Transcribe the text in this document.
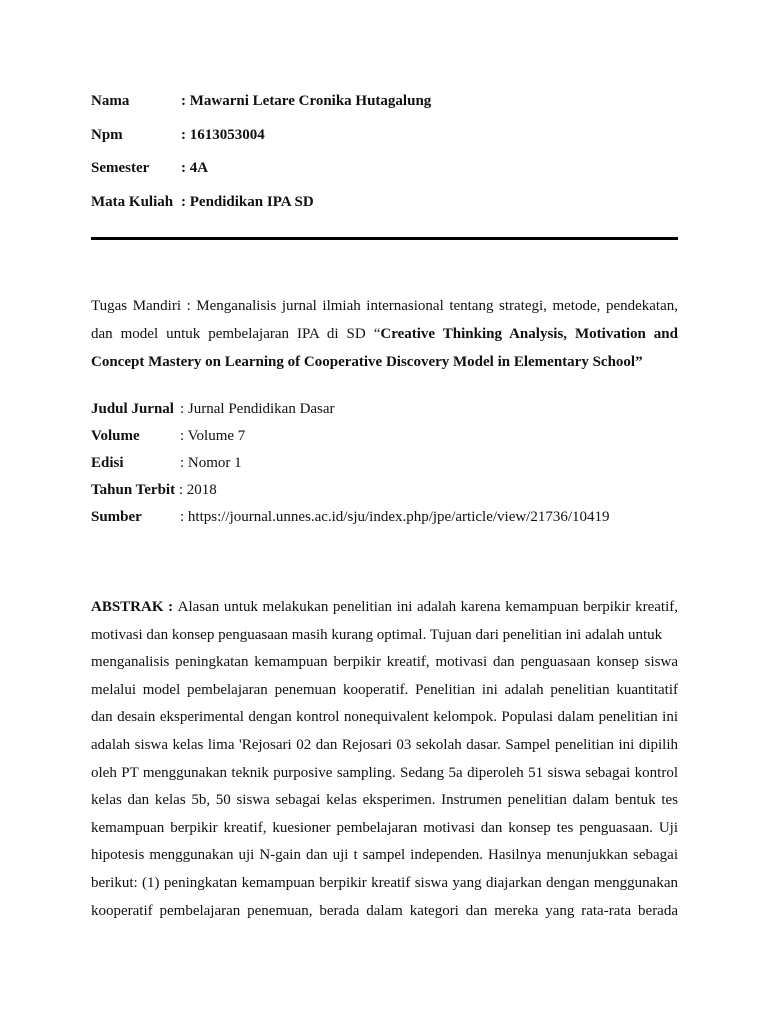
Nama	: Mawarni Letare Cronika Hutagalung
Npm	: 1613053004
Semester : 4A
Mata Kuliah : Pendidikan IPA SD
Tugas Mandiri : Menganalisis jurnal ilmiah internasional tentang strategi, metode, pendekatan, dan model untuk pembelajaran IPA di SD “Creative Thinking Analysis, Motivation and Concept Mastery on Learning of Cooperative Discovery Model in Elementary School”
Judul Jurnal : Jurnal Pendidikan Dasar
Volume	: Volume 7
Edisi	: Nomor 1
Tahun Terbit : 2018
Sumber	: https://journal.unnes.ac.id/sju/index.php/jpe/article/view/21736/10419
ABSTRAK : Alasan untuk melakukan penelitian ini adalah karena kemampuan berpikir kreatif,
motivasi dan konsep penguasaan masih kurang optimal. Tujuan dari penelitian ini adalah untuk
menganalisis peningkatan kemampuan berpikir kreatif, motivasi dan penguasaan konsep siswa
melalui model pembelajaran penemuan kooperatif. Penelitian ini adalah penelitian kuantitatif
dan desain eksperimental dengan kontrol nonequivalent kelompok. Populasi dalam penelitian ini
adalah siswa kelas lima 'Rejosari 02 dan Rejosari 03 sekolah dasar. Sampel penelitian ini dipilih
oleh PT menggunakan teknik purposive sampling. Sedang 5a diperoleh 51 siswa sebagai kontrol
kelas dan kelas 5b, 50 siswa sebagai kelas eksperimen. Instrumen penelitian dalam bentuk tes
kemampuan berpikir kreatif, kuesioner pembelajaran motivasi dan konsep tes penguasaan. Uji
hipotesis menggunakan uji N-gain dan uji t sampel independen. Hasilnya menunjukkan sebagai
berikut: (1) peningkatan kemampuan berpikir kreatif siswa yang diajarkan dengan menggunakan
kooperatif pembelajaran penemuan, berada dalam kategori dan mereka yang rata-rata berada
